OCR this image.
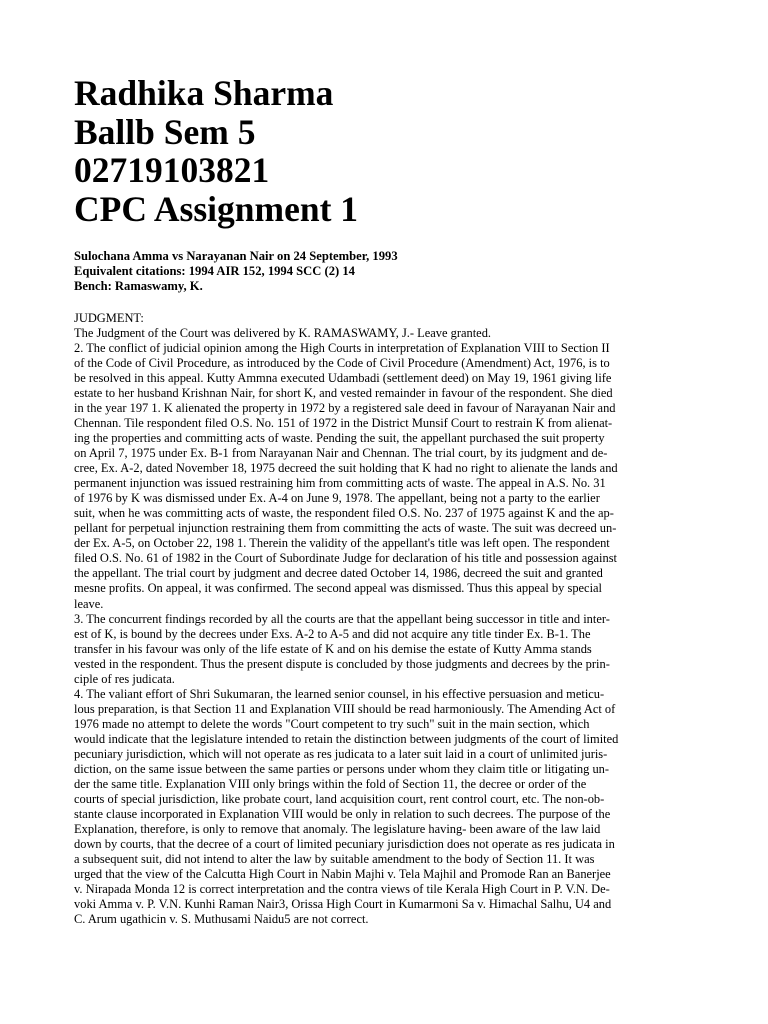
Radhika Sharma
Ballb Sem 5
02719103821
CPC Assignment 1
Sulochana Amma vs Narayanan Nair on 24 September, 1993
Equivalent citations: 1994 AIR 152, 1994 SCC (2) 14
Bench: Ramaswamy, K.
JUDGMENT:
The Judgment of the Court was delivered by K. RAMASWAMY, J.- Leave granted.
2. The conflict of judicial opinion among the High Courts in interpretation of Explanation VIII to Section II
of the Code of Civil Procedure, as introduced by the Code of Civil Procedure (Amendment) Act, 1976, is to
be resolved in this appeal. Kutty Ammna executed Udambadi (settlement deed) on May 19, 1961 giving life
estate to her husband Krishnan Nair, for short K, and vested remainder in favour of the respondent. She died
in the year 197 1. K alienated the property in 1972 by a registered sale deed in favour of Narayanan Nair and
Chennan. Tile respondent filed O.S. No. 151 of 1972 in the District Munsif Court to restrain K from alienat-
ing the properties and committing acts of waste. Pending the suit, the appellant purchased the suit property
on April 7, 1975 under Ex. B-1 from Narayanan Nair and Chennan. The trial court, by its judgment and de-
cree, Ex. A-2, dated November 18, 1975 decreed the suit holding that K had no right to alienate the lands and
permanent injunction was issued restraining him from committing acts of waste. The appeal in A.S. No. 31
of 1976 by K was dismissed under Ex. A-4 on June 9, 1978. The appellant, being not a party to the earlier
suit, when he was committing acts of waste, the respondent filed O.S. No. 237 of 1975 against K and the ap-
pellant for perpetual injunction restraining them from committing the acts of waste. The suit was decreed un-
der Ex. A-5, on October 22, 198 1. Therein the validity of the appellant's title was left open. The respondent
filed O.S. No. 61 of 1982 in the Court of Subordinate Judge for declaration of his title and possession against
the appellant. The trial court by judgment and decree dated October 14, 1986, decreed the suit and granted
mesne profits. On appeal, it was confirmed. The second appeal was dismissed. Thus this appeal by special
leave.
3. The concurrent findings recorded by all the courts are that the appellant being successor in title and inter-
est of K, is bound by the decrees under Exs. A-2 to A-5 and did not acquire any title tinder Ex. B-1. The
transfer in his favour was only of the life estate of K and on his demise the estate of Kutty Amma stands
vested in the respondent. Thus the present dispute is concluded by those judgments and decrees by the prin-
ciple of res judicata.
4. The valiant effort of Shri Sukumaran, the learned senior counsel, in his effective persuasion and meticu-
lous preparation, is that Section 11 and Explanation VIII should be read harmoniously. The Amending Act of
1976 made no attempt to delete the words "Court competent to try such" suit in the main section, which
would indicate that the legislature intended to retain the distinction between judgments of the court of limited
pecuniary jurisdiction, which will not operate as res judicata to a later suit laid in a court of unlimited juris-
diction, on the same issue between the same parties or persons under whom they claim title or litigating un-
der the same title. Explanation VIII only brings within the fold of Section 11, the decree or order of the
courts of special jurisdiction, like probate court, land acquisition court, rent control court, etc. The non-ob-
stante clause incorporated in Explanation VIII would be only in relation to such decrees. The purpose of the
Explanation, therefore, is only to remove that anomaly. The legislature having- been aware of the law laid
down by courts, that the decree of a court of limited pecuniary jurisdiction does not operate as res judicata in
a subsequent suit, did not intend to alter the law by suitable amendment to the body of Section 11. It was
urged that the view of the Calcutta High Court in Nabin Majhi v. Tela Majhil and Promode Ran an Banerjee
v. Nirapada Monda 12 is correct interpretation and the contra views of tile Kerala High Court in P. V.N. De-
voki Amma v. P. V.N. Kunhi Raman Nair3, Orissa High Court in Kumarmoni Sa v. Himachal Salhu, U4 and
C. Arum ugathicin v. S. Muthusami Naidu5 are not correct.
